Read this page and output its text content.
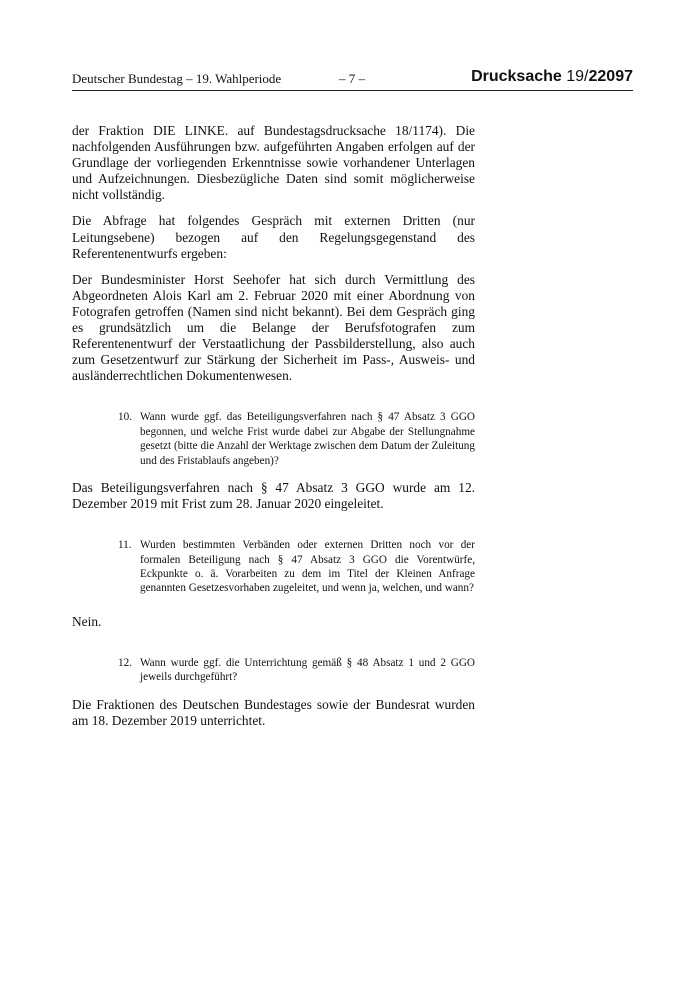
Deutscher Bundestag – 19. Wahlperiode	– 7 –	Drucksache 19/22097

der Fraktion DIE LINKE. auf Bundestagsdrucksache 18/1174). Die nachfolgenden Ausführungen bzw. aufgeführten Angaben erfolgen auf der Grundlage der vorliegenden Erkenntnisse sowie vorhandener Unterlagen und Aufzeichnungen. Diesbezügliche Daten sind somit möglicherweise nicht vollständig.

Die Abfrage hat folgendes Gespräch mit externen Dritten (nur Leitungsebene) bezogen auf den Regelungsgegenstand des Referentenentwurfs ergeben:

Der Bundesminister Horst Seehofer hat sich durch Vermittlung des Abgeordneten Alois Karl am 2. Februar 2020 mit einer Abordnung von Fotografen getroffen (Namen sind nicht bekannt). Bei dem Gespräch ging es grundsätzlich um die Belange der Berufsfotografen zum Referentenentwurf der Verstaatlichung der Passbilderstellung, also auch zum Gesetzentwurf zur Stärkung der Sicherheit im Pass-, Ausweis- und ausländerrechtlichen Dokumentenwesen.

10. Wann wurde ggf. das Beteiligungsverfahren nach § 47 Absatz 3 GGO begonnen, und welche Frist wurde dabei zur Abgabe der Stellungnahme gesetzt (bitte die Anzahl der Werktage zwischen dem Datum der Zuleitung und des Fristablaufs angeben)?

Das Beteiligungsverfahren nach § 47 Absatz 3 GGO wurde am 12. Dezember 2019 mit Frist zum 28. Januar 2020 eingeleitet.

11. Wurden bestimmten Verbänden oder externen Dritten noch vor der formalen Beteiligung nach § 47 Absatz 3 GGO die Vorentwürfe, Eckpunkte o. ä. Vorarbeiten zu dem im Titel der Kleinen Anfrage genannten Gesetzesvorhaben zugeleitet, und wenn ja, welchen, und wann?

Nein.

12. Wann wurde ggf. die Unterrichtung gemäß § 48 Absatz 1 und 2 GGO jeweils durchgeführt?

Die Fraktionen des Deutschen Bundestages sowie der Bundesrat wurden am 18. Dezember 2019 unterrichtet.
